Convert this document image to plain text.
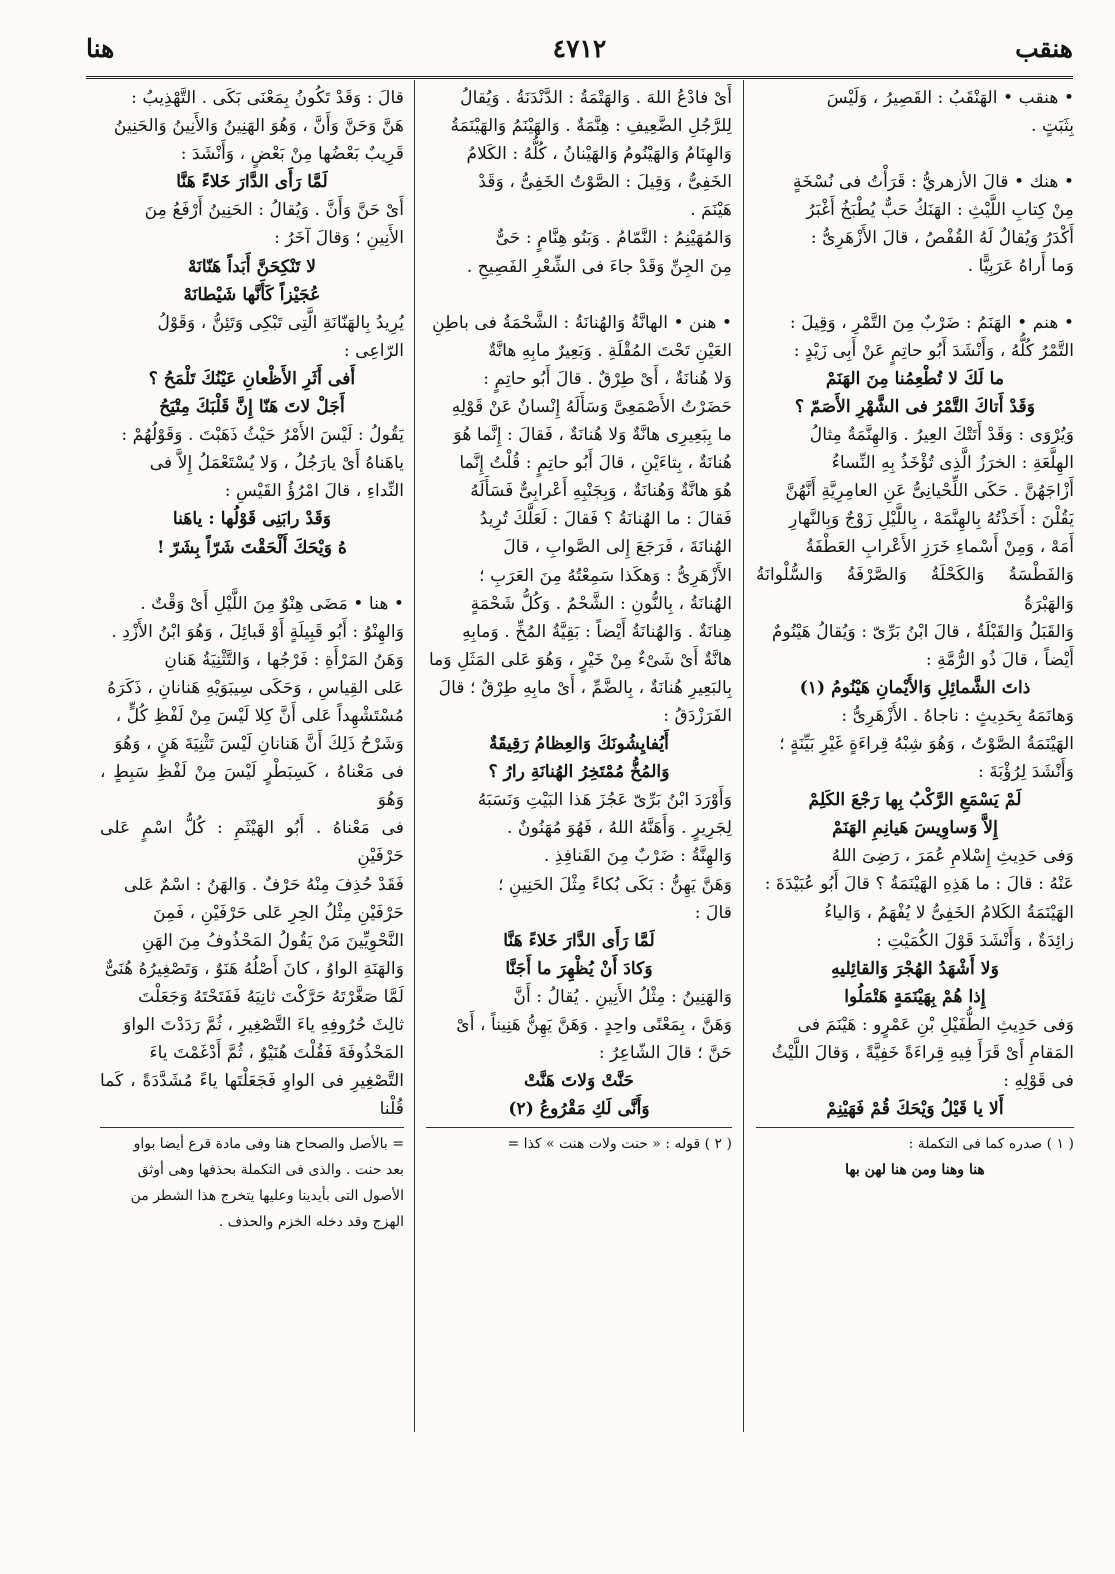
هنا	٤٧١٢	هنقب

• هنقب • الهَنْقَبُ : القَصِيرُ ، وَلَيْسَ

بِثَبَتٍ .

• هنك • قالَ الأزهريُّ : قَرَأْتُ فى نُسْخَةٍ

مِنْ كِتابِ اللَّيْثِ : الهَنَكُ حَبٌّ يُطْبَخُ أَغْبَرُ

أَكْدَرُ وَيُقالُ لَهُ القُفْصُ ، قالَ الأَزْهَرِىُّ :

وَما أَراهُ عَرَبِيًّا .

• هنم • الهَنَمُ : ضَرْبٌ مِنَ التَّمْرِ ، وَقِيلَ :

التَّمْرُ كُلُّهُ ، وَأَنْشَدَ أَبُو حاتِمٍ عَنْ أَبِى زَيْدٍ :

ما لَكَ لا تُطْعِمُنا مِنَ الهَنَمْ

وَقَدْ أَتاكَ التَّمْرُ فى الشَّهْرِ الأَصَمّ ؟

وَيُرْوَى : وَقَدْ أَتَتْكَ العِيرُ . وَالهِنَّمَةُ مِثالُ

الهِلَّعَةِ : الخرَزُ الَّذِى تُؤْخَذُ بِهِ النِّساءُ

أَزْاجَهُنَّ . حَكَى اللِّحْيانِىُّ عَنِ العامِرِيَّةِ أَنَّهُنَّ

يَقُلْنَ : أَخَذْتُهُ بِالهِنَّمَهْ ، بِاللَّيْلِ زَوْجٌ وَبِالنَّهارِ

أَمَهْ ، وَمِنْ أَسْماءِ خَرَزِ الأَعْرابِ العَطْفَةُ

وَالفَطْسَةُ وَالكَحْلَةُ وَالصَّرْفَةُ وَالسُّلْوانَةُ وَالهَبْرَةُ

وَالقَبَلُ وَالقَبْلَةُ ، قالَ ابْنُ بَرِّىّ : وَيُقالُ هَيْنُومٌ

أَيْضاً ، قالَ ذُو الرُّمَّةِ :

ذاتَ الشَّمائِلِ وَالأَيْمانِ هَيْنُومُ (١)

وَهانَمَهُ بِحَدِيثٍ : ناجاهُ . الأَزْهَرِىُّ :

الهَيْنَمَةُ الصَّوْتُ ، وَهُوَ شِبْهُ قِراءَةٍ غَيْرِ بَيِّنَةٍ ؛

وَأَنْشَدَ لِرُؤْبَةَ :

لَمْ يَسْمَعِ الرَّكْبُ بِها رَجْعَ الكَلِمْ

إِلاَّ وَساوِيسَ هَيانِمِ الهَنَمْ

وَفى حَدِيثِ إِسْلامِ عُمَرَ ، رَضِىَ اللهُ

عَنْهُ : قالَ : ما هَذِهِ الهَيْنَمَةُ ؟ قالَ أَبُو عُبَيْدَةَ :

الهَيْنَمَةُ الكَلامُ الخَفِىُّ لا يُفْهَمُ ، وَالياءُ

زائِدَةٌ ، وَأَنْشَدَ قَوْلَ الكُمَيْتِ :

وَلا أَشْهَدُ الهُجْرَ وَالقائِليهِ

إِذا هُمْ بِهَيْنَمَةٍ هَتْمَلُوا

وَفى حَدِيثِ الطُّفَيْلِ بْنِ عَمْرٍو : هَيْنَمَ فى

المَقامِ أَىْ قَرَأَ فِيهِ قِراءَةً خَفِيَّةً ، وَقالَ اللَّيْثُ

فى قَوْلِهِ :

أَلا يا قَيْلُ وَيْحَكَ قُمْ فَهَيْنِمْ

( ١ ) صدره كما فى التكملة :

هنا وهنا ومن هنا لهن بها

أَىْ فادْعُ اللهَ . وَالهَتْمَةُ : الدَّنْدَنَةُ . وَيُقالُ

لِلرَّجُلِ الضَّعِيفِ : هِنَّمَةٌ . وَالهَيْنَمُ وَالهَيْنَمَةُ

وَالهِنَامُ وَالهَيْنُومُ وَالهَيْنانُ ، كُلُّهُ : الكَلامُ

الخَفِىُّ ، وَقِيلَ : الصَّوْتُ الخَفِىُّ ، وَقَدْ

هَيْنَمَ .

وَالمُهَيْنِمُ : النَّمّامُ . وَبَنُو هِنَّامٍ : حَىٌّ

مِنَ الجِنِّ وَقَدْ جاءَ فى الشِّعْرِ الفَصِيحِ .

• هنن • الهانَّةُ وَالهُنانَةُ : الشَّحْمَةُ فى باطِنِ

العَيْنِ تَحْتَ المُقْلَةِ . وَبَعِيرٌ مابِهِ هانَّةٌ

وَلا هُنانَةٌ ، أَىْ طِرْقٌ . قالَ أَبُو حاتِمٍ :

حَضَرْتُ الأَصْمَعِىَّ وَسَأَلَهُ إِنْسانٌ عَنْ قَوْلِهِ

ما بِبَعِيرِى هانَّةٌ وَلا هُنانَةٌ ، فَقالَ : إِنَّما هُوَ

هُنانَةٌ ، بِتاءَيْنِ ، قالَ أَبُو حاتِمٍ : قُلْتُ إِنَّما

هُوَ هانَّةٌ وَهُنانَةٌ ، وَبِجَنْبِهِ أَعْرابِىٌّ فَسَأَلَهُ

فَقالَ : ما الهُنانَةُ ؟ فَقالَ : لَعَلَّكَ تُرِيدُ

الهُنانَةَ ، فَرَجَعَ إِلى الصَّوابِ ، قالَ

الأَزْهَرِىُّ : وَهكَذا سَمِعْتُهُ مِنَ العَرَبِ ؛

الهُنانَةُ ، بِالنُّونِ : الشَّحْمُ . وَكُلُّ شَحْمَةٍ

هِنانَةٌ . وَالهُنانَةُ أَيْضاً : بَقِيَّةُ المُخِّ . وَمابِهِ

هانَّةٌ أَىْ شَىْءٌ مِنْ خَيْرٍ ، وَهُوَ عَلى المَثَلِ وَما

بِالبَعِيرِ هُنانَةٌ ، بِالضَّمِّ ، أَىْ مابِهِ طِرْقٌ ؛ قالَ

الفَرَزْدَقُ :

أَيُفايِشُونَكَ وَالعِظامُ رَقِيقَةٌ

وَالمُخُّ مُمْتَخِرُ الهُنانَةِ رارُ ؟

وَأَوْرَدَ ابْنُ بَرِّىّ عَجُزَ هَذا البَيْتِ وَنَسَبَهُ

لِجَرِيرٍ . وَأَهَنَّهُ اللهُ ، فَهُوَ مُهَنُونٌ .

وَالهِنَّةُ : ضَرْبٌ مِنَ القَنافِذِ .

وَهَنَّ يَهِنُّ : بَكَى بُكاءً مِثْلَ الحَنِينِ ؛

قالَ :

لَمَّا رَأَى الدَّارَ خَلاءً هَنَّا

وَكادَ أَنْ يُظْهِرَ ما أَجَنَّا

وَالهَنِينُ : مِثْلُ الأَنِينِ . يُقالُ : أَنَّ

وَهَنَّ ، بِمَعْنًى واحِدٍ . وَهَنَّ يَهِنُّ هَنِيناً ، أَىْ

حَنَّ ؛ قالَ الشّاعِرُ :

حَنَّتْ وَلاتَ هَنَّتْ

وَأَنَّى لَكِ مَقْرُوعُ (٢)

( ٢ ) قوله : « حنت ولات هنت » كذا =

قالَ : وَقَدْ تَكُونُ بِمَعْنَى بَكَى . التَّهْذِيبُ :

هَنَّ وَحَنَّ وَأَنَّ ، وَهُوَ الهَنِينُ وَالأَنِينُ وَالحَنِينُ

قَرِيبٌ بَعْضُها مِنْ بَعْضٍ ، وَأَنْشَدَ :

لَمَّا رَأَى الدَّارَ خَلاءً هَنَّا

أَىْ حَنَّ وَأَنَّ . وَيُقالُ : الحَنِينُ أَرْفَعُ مِنَ

الأَنِينِ ؛ وَقالَ آخَرُ :

لا تَنْكِحَنَّ أَبَداً هَنّانَهْ

عُجَيْزاً كَأَنَّها شَيْطانَهْ

يُرِيدُ بِالهَنّانَةِ الَّتِى تَبْكِى وَتَئِنُّ ، وَقَوْلُ

الرّاعِى :

أَفى أَثَرِ الأَظْعانِ عَيْنُكَ تَلْمَحُ ؟

أَجَلْ لاتَ هَنّا إِنَّ قَلْبَكَ مِتْيَحُ

يَقُولُ : لَيْسَ الأَمْرُ حَيْثُ ذَهَبْتَ . وَقَوْلُهُمْ :

ياهَناهُ أَىْ يارَجُلُ ، وَلا يُسْتَعْمَلُ إِلاَّ فى

النِّداءِ ، قالَ امْرُؤُ القَيْسِ :

وَقَدْ رابَنِى قَوْلُها : ياهَنا

هُ وَيْحَكَ أَلْحَقْتَ شَرّاً بِشَرّ !

• هنا • مَضَى هِنْوٌ مِنَ اللَّيْلِ أَىْ وَقْتٌ .

وَالهِنْوُ : أَبُو قَبِيلَةٍ أَوْ قَبائِلَ ، وَهُوَ ابْنُ الأَزْدِ .

وَهَنُ المَرْأَةِ : فَرْجُها ، وَالتَّثْنِيَةُ هَنانِ

عَلى القِياسِ ، وَحَكَى سِيبَوَيْهِ هَنانانِ ، ذَكَرَهُ

مُسْتَشْهِداً عَلى أَنَّ كِلا لَيْسَ مِنْ لَفْظِ كُلٍّ ،

وَشَرْحُ ذَلِكَ أَنَّ هَنانانِ لَيْسَ تَثْنِيَةَ هَنٍ ، وَهُوَ

فى مَعْناهُ ، كَسِبَطْرٍ لَيْسَ مِنْ لَفْظِ سَبِطٍ ، وَهُوَ

فى مَعْناهُ . أَبُو الهَيْثَمِ : كُلُّ اسْمٍ عَلى حَرْفَيْنِ

فَقَدْ حُذِفَ مِنْهُ حَرْفٌ . وَالهَنُ : اسْمٌ عَلى

حَرْفَيْنِ مِثْلُ الحِرِ عَلى حَرْفَيْنِ ، فَمِنَ

النَّحْوِيِّينَ مَنْ يَقُولُ المَحْذُوفُ مِنَ الهَنِ

وَالهَنَةِ الواوُ ، كانَ أَصْلُهُ هَنَوٌ ، وَتَصْغِيرُهُ هُنَىٌّ

لَمَّا صَغَّرْتَهُ حَرَّكْتَ ثانِيَهُ فَفَتَحْتَهُ وَجَعَلْتَ

ثالِثَ حُرُوفِهِ ياءَ التَّصْغِيرِ ، ثُمَّ رَدَدْتَ الواوَ

المَحْذُوفَةَ فَقُلْتَ هُنَيْوٌ ، ثُمَّ أَدْغَمْتَ ياءَ

التَّصْغِيرِ فى الواوِ فَجَعَلْتَها ياءً مُشَدَّدَةً ، كَما قُلْنا

= بالأصل والصحاح هنا وفى مادة قرع أيضا بواو

بعد حنت . والذى فى التكملة بحذفها وهى أوثق

الأصول التى بأيدينا وعليها يتخرج هذا الشطر من

الهزج وقد دخله الخزم والحذف .
